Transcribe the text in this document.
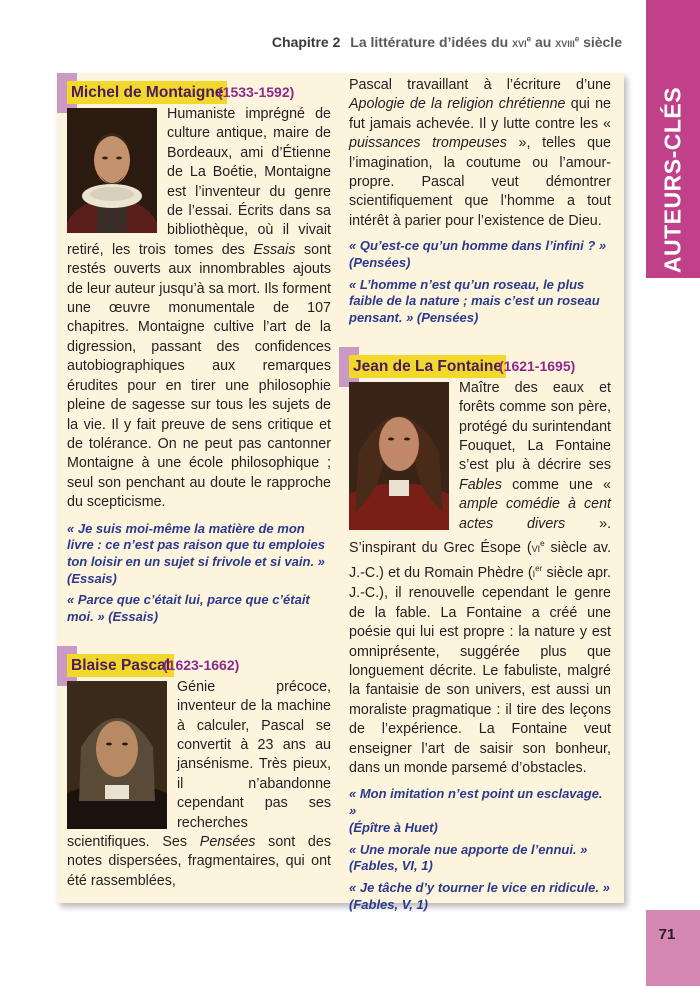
Chapitre 2 La littérature d’idées du XVIe au XVIIIe siècle
AUTEURS-CLÉS
71
Michel de Montaigne
(1533-1592)

Humaniste imprégné de culture antique, maire de Bordeaux, ami d’Étienne de La Boétie, Montaigne est l’inventeur du genre de l’essai. Écrits dans sa bibliothèque, où il vivait retiré, les trois tomes des Essais sont restés ouverts aux innombrables ajouts de leur auteur jusqu’à sa mort. Ils forment une œuvre monumentale de 107 chapitres. Montaigne cultive l’art de la digression, passant des confidences autobiographiques aux remarques érudites pour en tirer une philosophie pleine de sagesse sur tous les sujets de la vie. Il y fait preuve de sens critique et de tolérance. On ne peut pas cantonner Montaigne à une école philosophique ; seul son penchant au doute le rapproche du scepticisme.

« Je suis moi-même la matière de mon livre : ce n’est pas raison que tu emploies ton loisir en un sujet si frivole et si vain. »
(Essais)
« Parce que c’était lui, parce que c’était moi. » (Essais)
Blaise Pascal
(1623-1662)

Génie précoce, inventeur de la machine à calculer, Pascal se convertit à 23 ans au jansénisme. Très pieux, il n’abandonne cependant pas ses recherches scientifiques. Ses Pensées sont des notes dispersées, fragmentaires, qui ont été rassemblées,

Pascal travaillant à l’écriture d’une Apologie de la religion chrétienne qui ne fut jamais achevée. Il y lutte contre les « puissances trompeuses », telles que l’imagination, la coutume ou l’amour-propre. Pascal veut démontrer scientifiquement que l’homme a tout intérêt à parier pour l’existence de Dieu.

« Qu’est-ce qu’un homme dans l’infini ? »
(Pensées)
« L’homme n’est qu’un roseau, le plus faible de la nature ; mais c’est un roseau pensant. » (Pensées)
Jean de La Fontaine
(1621-1695)

Maître des eaux et forêts comme son père, protégé du surintendant Fouquet, La Fontaine s’est plu à décrire ses Fables comme une « ample comédie à cent actes divers ». S’inspirant du Grec Ésope (VIe siècle av. J.-C.) et du Romain Phèdre (Ier siècle apr. J.-C.), il renouvelle cependant le genre de la fable. La Fontaine a créé une poésie qui lui est propre : la nature y est omniprésente, suggérée plus que longuement décrite. Le fabuliste, malgré la fantaisie de son univers, est aussi un moraliste pragmatique : il tire des leçons de l’expérience. La Fontaine veut enseigner l’art de saisir son bonheur, dans un monde parsemé d’obstacles.

« Mon imitation n’est point un esclavage. »
(Épître à Huet)
« Une morale nue apporte de l’ennui. »
(Fables, VI, 1)
« Je tâche d’y tourner le vice en ridicule. »
(Fables, V, 1)
